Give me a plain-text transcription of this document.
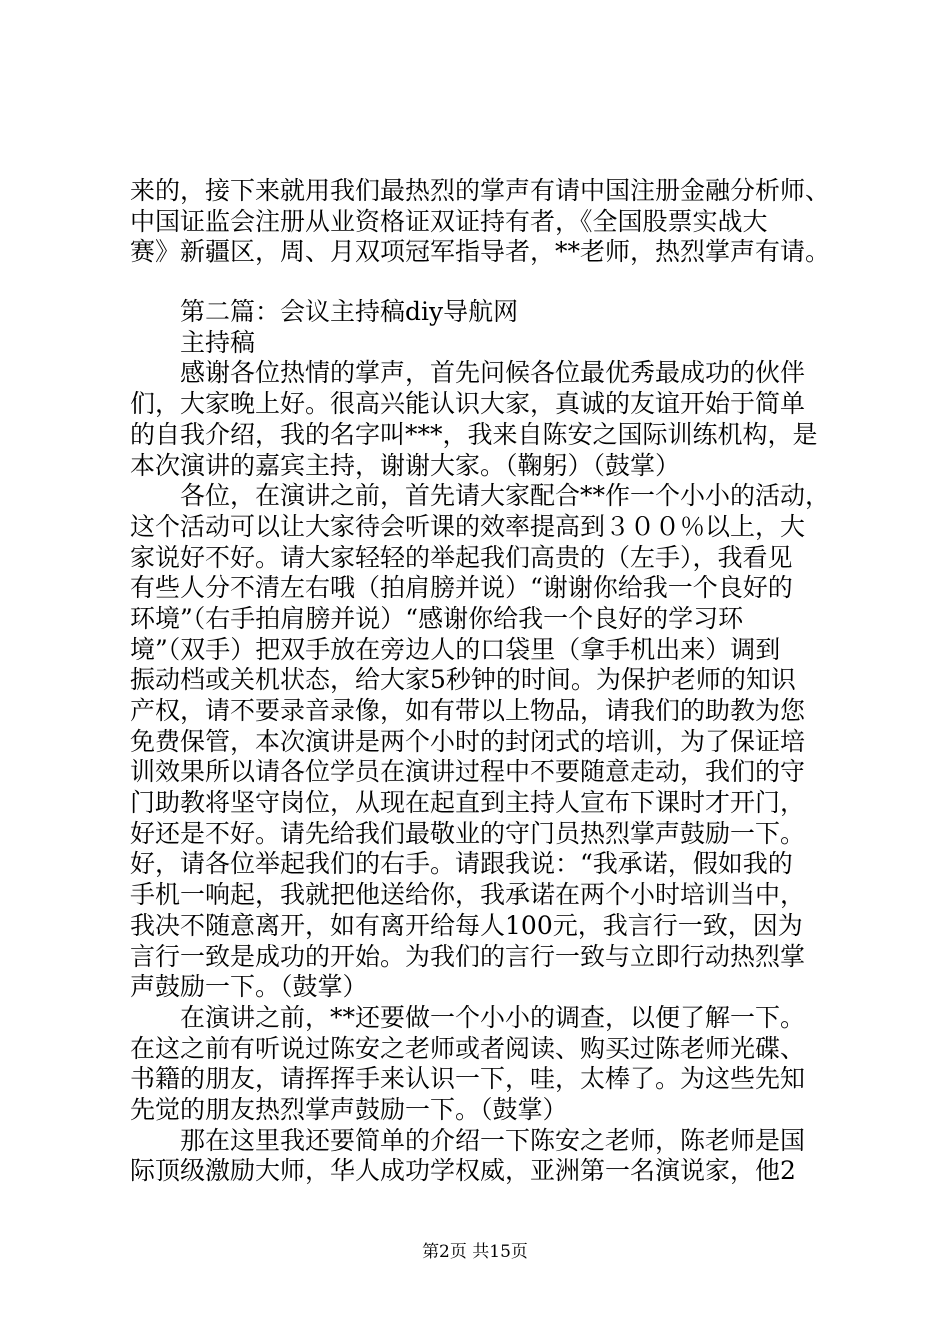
来的，接下来就用我们最热烈的掌声有请中国注册金融分析师、
中国证监会注册从业资格证双证持有者，《全国股票实战大
赛》新疆区，周、月双项冠军指导者，**老师，热烈掌声有请。
第二篇：会议主持稿diy导航网
主持稿
感谢各位热情的掌声，首先问候各位最优秀最成功的伙伴
们，大家晚上好。很高兴能认识大家，真诚的友谊开始于简单
的自我介绍，我的名字叫***，我来自陈安之国际训练机构，是
本次演讲的嘉宾主持，谢谢大家。（鞠躬）（鼓掌）
各位，在演讲之前，首先请大家配合**作一个小小的活动，
这个活动可以让大家待会听课的效率提高到３００％以上，大
家说好不好。请大家轻轻的举起我们高贵的（左手），我看见
有些人分不清左右哦（拍肩膀并说）“谢谢你给我一个良好的
环境”（右手拍肩膀并说）“感谢你给我一个良好的学习环
境”（双手）把双手放在旁边人的口袋里（拿手机出来）调到
振动档或关机状态，给大家5秒钟的时间。为保护老师的知识
产权，请不要录音录像，如有带以上物品，请我们的助教为您
免费保管，本次演讲是两个小时的封闭式的培训，为了保证培
训效果所以请各位学员在演讲过程中不要随意走动，我们的守
门助教将坚守岗位，从现在起直到主持人宣布下课时才开门，
好还是不好。请先给我们最敬业的守门员热烈掌声鼓励一下。
好，请各位举起我们的右手。请跟我说：“我承诺，假如我的
手机一响起，我就把他送给你，我承诺在两个小时培训当中，
我决不随意离开，如有离开给每人100元，我言行一致，因为
言行一致是成功的开始。为我们的言行一致与立即行动热烈掌
声鼓励一下。（鼓掌）
在演讲之前，**还要做一个小小的调查，以便了解一下。
在这之前有听说过陈安之老师或者阅读、购买过陈老师光碟、
书籍的朋友，请挥挥手来认识一下，哇，太棒了。为这些先知
先觉的朋友热烈掌声鼓励一下。（鼓掌）
那在这里我还要简单的介绍一下陈安之老师，陈老师是国
际顶级激励大师，华人成功学权威，亚洲第一名演说家，他2
第2页 共15页
